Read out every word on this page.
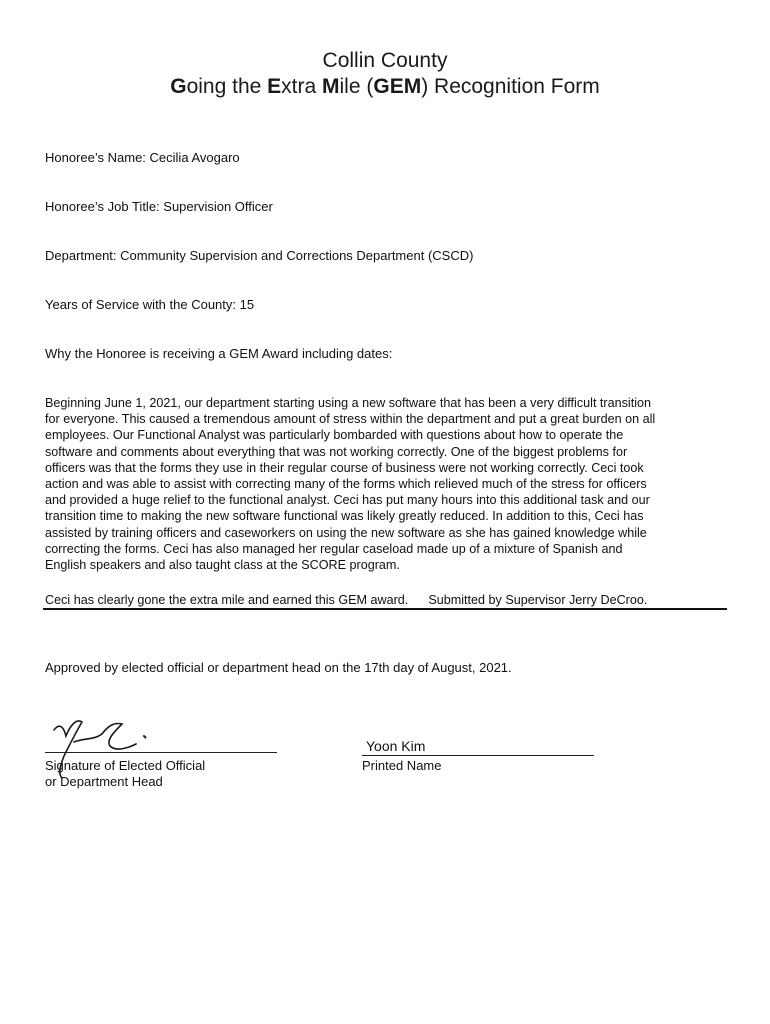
Collin County
Going the Extra Mile (GEM) Recognition Form
Honoree’s Name: Cecilia Avogaro
Honoree’s Job Title: Supervision Officer
Department: Community Supervision and Corrections Department (CSCD)
Years of Service with the County: 15
Why the Honoree is receiving a GEM Award including dates:

Beginning June 1, 2021, our department starting using a new software that has been a very difficult transition

for everyone. This caused a tremendous amount of stress within the department and put a great burden on all

employees. Our Functional Analyst was particularly bombarded with questions about how to operate the

software and comments about everything that was not working correctly. One of the biggest problems for

officers was that the forms they use in their regular course of business were not working correctly. Ceci took

action and was able to assist with correcting many of the forms which relieved much of the stress for officers

and provided a huge relief to the functional analyst. Ceci has put many hours into this additional task and our

transition time to making the new software functional was likely greatly reduced. In addition to this, Ceci has

assisted by training officers and caseworkers on using the new software as she has gained knowledge while

correcting the forms. Ceci has also managed her regular caseload made up of a mixture of Spanish and

English speakers and also taught class at the SCORE program.

Ceci has clearly gone the extra mile and earned this GEM award. Submitted by Supervisor Jerry DeCroo.
Approved by elected official or department head on the 17th day of August, 2021.
Signature of Elected Official
or Department Head
Yoon Kim
Printed Name
